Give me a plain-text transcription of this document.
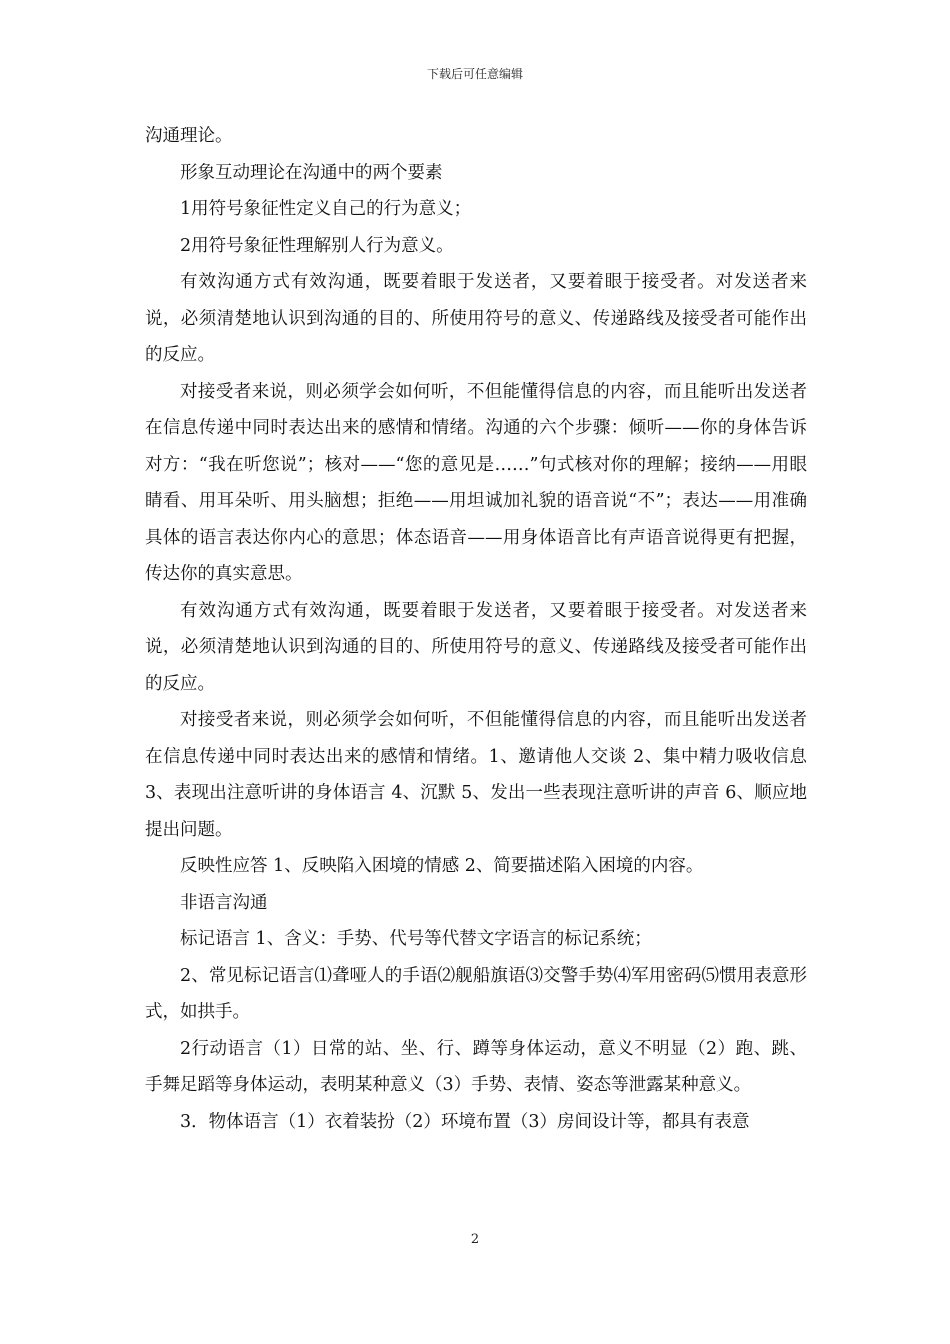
下载后可任意编辑

沟通理论。

形象互动理论在沟通中的两个要素

1用符号象征性定义自己的行为意义；

2用符号象征性理解别人行为意义。

有效沟通方式有效沟通，既要着眼于发送者，又要着眼于接受者。对发送者来说，必须清楚地认识到沟通的目的、所使用符号的意义、传递路线及接受者可能作出的反应。

对接受者来说，则必须学会如何听，不但能懂得信息的内容，而且能听出发送者在信息传递中同时表达出来的感情和情绪。沟通的六个步骤：倾听——你的身体告诉对方：“我在听您说”；核对——“您的意见是……”句式核对你的理解；接纳——用眼睛看、用耳朵听、用头脑想；拒绝——用坦诚加礼貌的语音说“不”；表达——用准确具体的语言表达你内心的意思；体态语音——用身体语音比有声语音说得更有把握，传达你的真实意思。

有效沟通方式有效沟通，既要着眼于发送者，又要着眼于接受者。对发送者来说，必须清楚地认识到沟通的目的、所使用符号的意义、传递路线及接受者可能作出的反应。

对接受者来说，则必须学会如何听，不但能懂得信息的内容，而且能听出发送者在信息传递中同时表达出来的感情和情绪。1、邀请他人交谈 2、集中精力吸收信息 3、表现出注意听讲的身体语言 4、沉默 5、发出一些表现注意听讲的声音 6、顺应地提出问题。

反映性应答 1、反映陷入困境的情感 2、简要描述陷入困境的内容。

非语言沟通

标记语言 1、含义：手势、代号等代替文字语言的标记系统；

2、常见标记语言⑴聋哑人的手语⑵舰船旗语⑶交警手势⑷军用密码⑸惯用表意形式，如拱手。

2行动语言（1）日常的站、坐、行、蹲等身体运动，意义不明显（2）跑、跳、手舞足蹈等身体运动，表明某种意义（3）手势、表情、姿态等泄露某种意义。

3．物体语言（1）衣着装扮（2）环境布置（3）房间设计等，都具有表意

2
